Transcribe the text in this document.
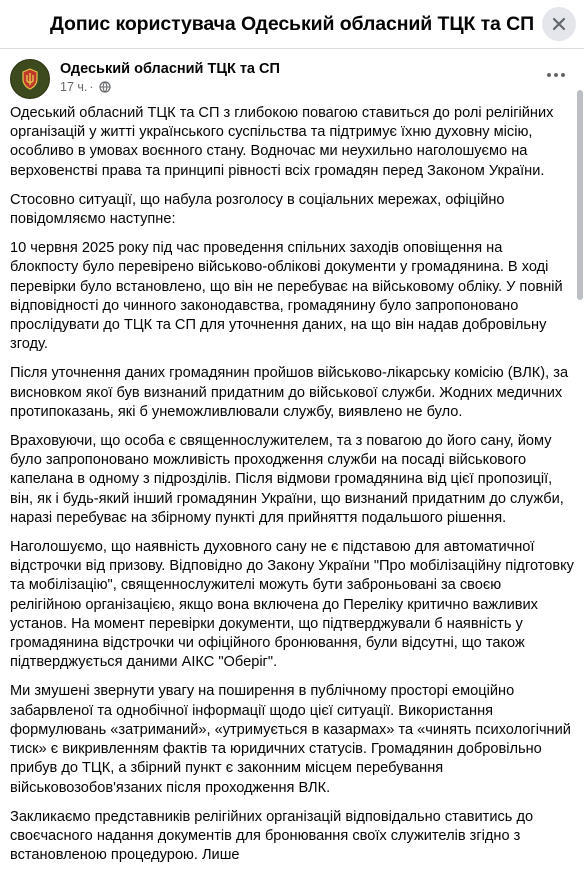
Допис користувача Одеський обласний ТЦК та СП
Одеський обласний ТЦК та СП
17 ч. ·

Одеський обласний ТЦК та СП з глибокою повагою ставиться до ролі релігійних організацій у житті українського суспільства та підтримує їхню духовну місію, особливо в умовах воєнного стану. Водночас ми неухильно наголошуємо на верховенстві права та принципі рівності всіх громадян перед Законом України.

Стосовно ситуації, що набула розголосу в соціальних мережах, офіційно повідомляємо наступне:

10 червня 2025 року під час проведення спільних заходів оповіщення на блокпосту було перевірено військово-облікові документи у громадянина. В ході перевірки було встановлено, що він не перебуває на військовому обліку. У повній відповідності до чинного законодавства, громадянину було запропоновано прослідувати до ТЦК та СП для уточнення даних, на що він надав добровільну згоду.

Після уточнення даних громадянин пройшов військово-лікарську комісію (ВЛК), за висновком якої був визнаний придатним до військової служби. Жодних медичних протипоказань, які б унеможливлювали службу, виявлено не було.

Враховуючи, що особа є священнослужителем, та з повагою до його сану, йому було запропоновано можливість проходження служби на посаді військового капелана в одному з підрозділів. Після відмови громадянина від цієї пропозиції, він, як і будь-який інший громадянин України, що визнаний придатним до служби, наразі перебуває на збірному пункті для прийняття подальшого рішення.

Наголошуємо, що наявність духовного сану не є підставою для автоматичної відстрочки від призову. Відповідно до Закону України "Про мобілізаційну підготовку та мобілізацію", священнослужителі можуть бути заброньовані за своєю релігійною організацією, якщо вона включена до Переліку критично важливих установ. На момент перевірки документи, що підтверджували б наявність у громадянина відстрочки чи офіційного бронювання, були відсутні, що також підтверджується даними АІКС "Оберіг".

Ми змушені звернути увагу на поширення в публічному просторі емоційно забарвленої та однобічної інформації щодо цієї ситуації. Використання формулювань «затриманий», «утримується в казармах» та «чинять психологічний тиск» є викривленням фактів та юридичних статусів. Громадянин добровільно прибув до ТЦК, а збірний пункт є законним місцем перебування військовозобов'язаних після проходження ВЛК.

Закликаємо представників релігійних організацій відповідально ставитись до своєчасного надання документів для бронювання своїх служителів згідно з встановленою процедурою. Лише
